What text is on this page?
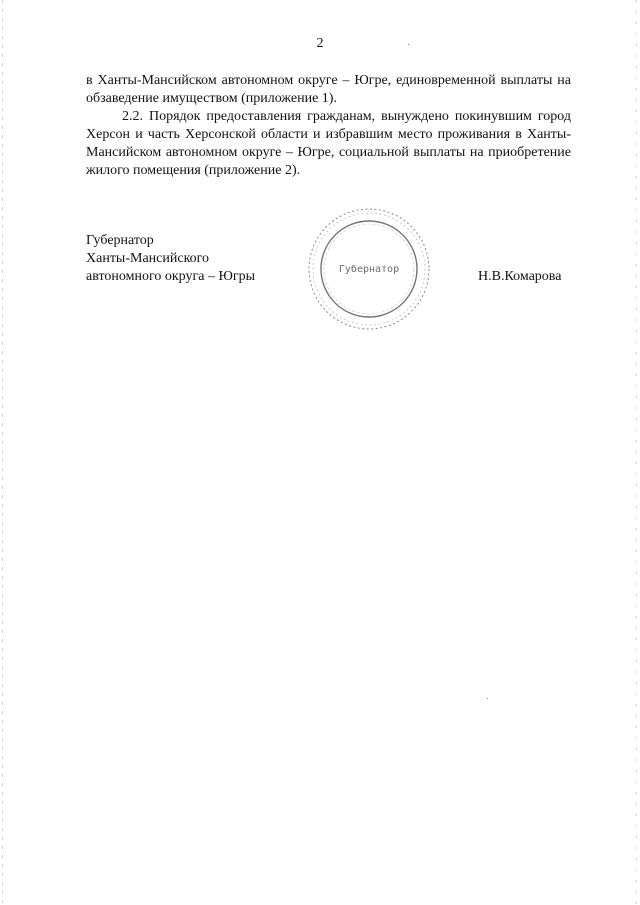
2

в Ханты-Мансийском автономном округе – Югре, единовременной выплаты на обзаведение имуществом (приложение 1).

2.2. Порядок предоставления гражданам, вынуждено покинувшим город Херсон и часть Херсонской области и избравшим место проживания в Ханты-Мансийском автономном округе – Югре, социальной выплаты на приобретение жилого помещения (приложение 2).

Губернатор
Ханты-Мансийского
автономного округа – Югры	Губернатор	Н.В.Комарова
